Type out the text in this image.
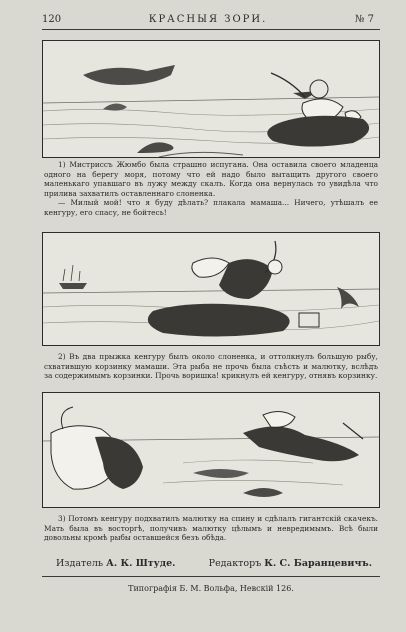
120	КРАСНЫЯ ЗОРИ.	№ 7

1) Мистриссъ Жюмбо была страшно испугана. Она оставила своего младенца одного на берегу моря, потому что ей надо было вытащить другого своего маленькаго упавшаго въ лужу между скалъ. Когда она вернулась то увидѣла что прилива захватилъ оставленнаго слоненка.

— Милый мой! что я буду дѣлать? плакала мамаша... Ничего, утѣшалъ ее кенгуру, его спасу, не бойтесь!

2) Въ два прыжка кенгуру былъ около слоненка, и оттолкнулъ большую рыбу, схватившую корзинку мамаши. Эта рыба не прочь была съѣсть и малютку, вслѣдъ за содержимымъ корзинки. Прочь воришка! крикнулъ ей кенгуру, отнявъ корзинку.

3) Потомъ кенгуру подхватилъ малютку на спину и сдѣлалъ гигантскій скачекъ. Мать была въ восторгѣ, получивъ малютку цѣлымъ и невредимымъ. Всѣ были довольны кромѣ рыбы оставшейся безъ обѣда.

Издатель А. К. Штуде.	Редакторъ К. С. Баранцевичъ.
Типографія Б. М. Вольфа, Невскій 126.
